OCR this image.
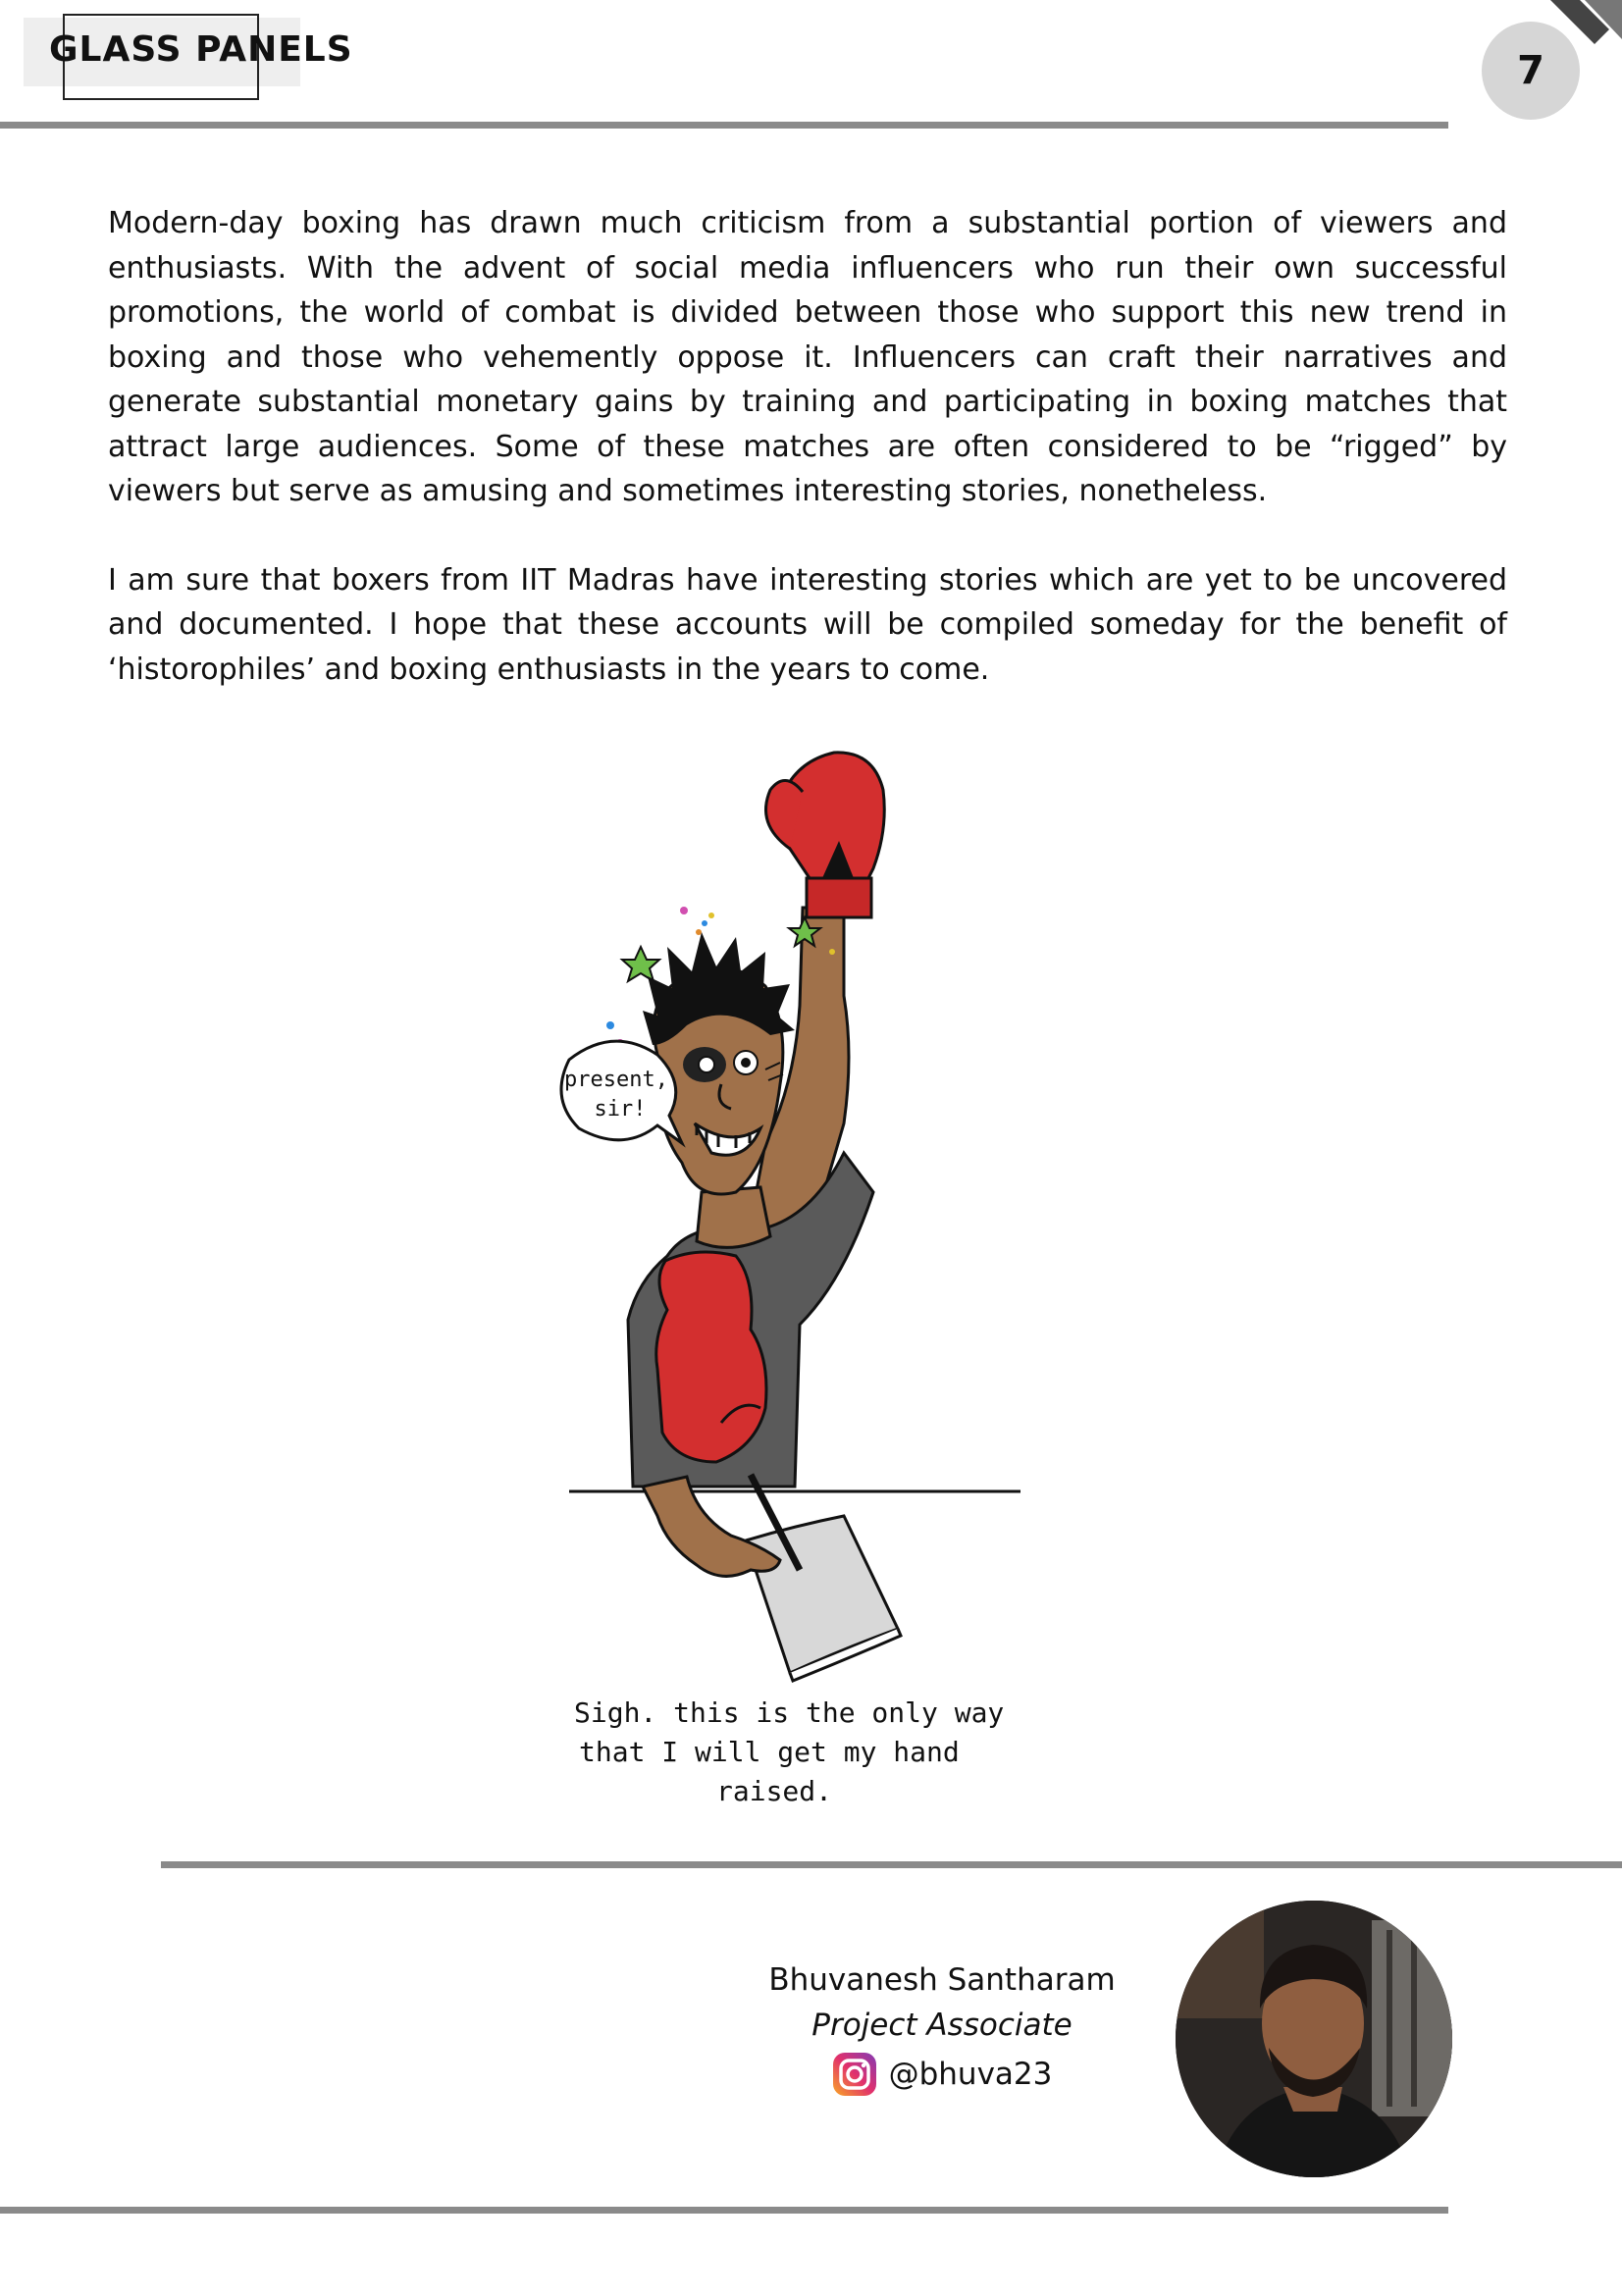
GLASS PANELS	7

Modern-day boxing has drawn much criticism from a substantial portion of viewers and enthusiasts. With the advent of social media influencers who run their own successful promotions, the world of combat is divided between those who support this new trend in boxing and those who vehemently oppose it. Influencers can craft their narratives and generate substantial monetary gains by training and participating in boxing matches that attract large audiences. Some of these matches are often considered to be “rigged” by viewers but serve as amusing and sometimes interesting stories, nonetheless.

I am sure that boxers from IIT Madras have interesting stories which are yet to be uncovered and documented. I hope that these accounts will be compiled someday for the benefit of ‘historophiles’ and boxing enthusiasts in the years to come.

present,
sir!
Sigh. this is the only way
that I will get my hand
raised.
Bhuvanesh Santharam
Project Associate
@bhuva23
